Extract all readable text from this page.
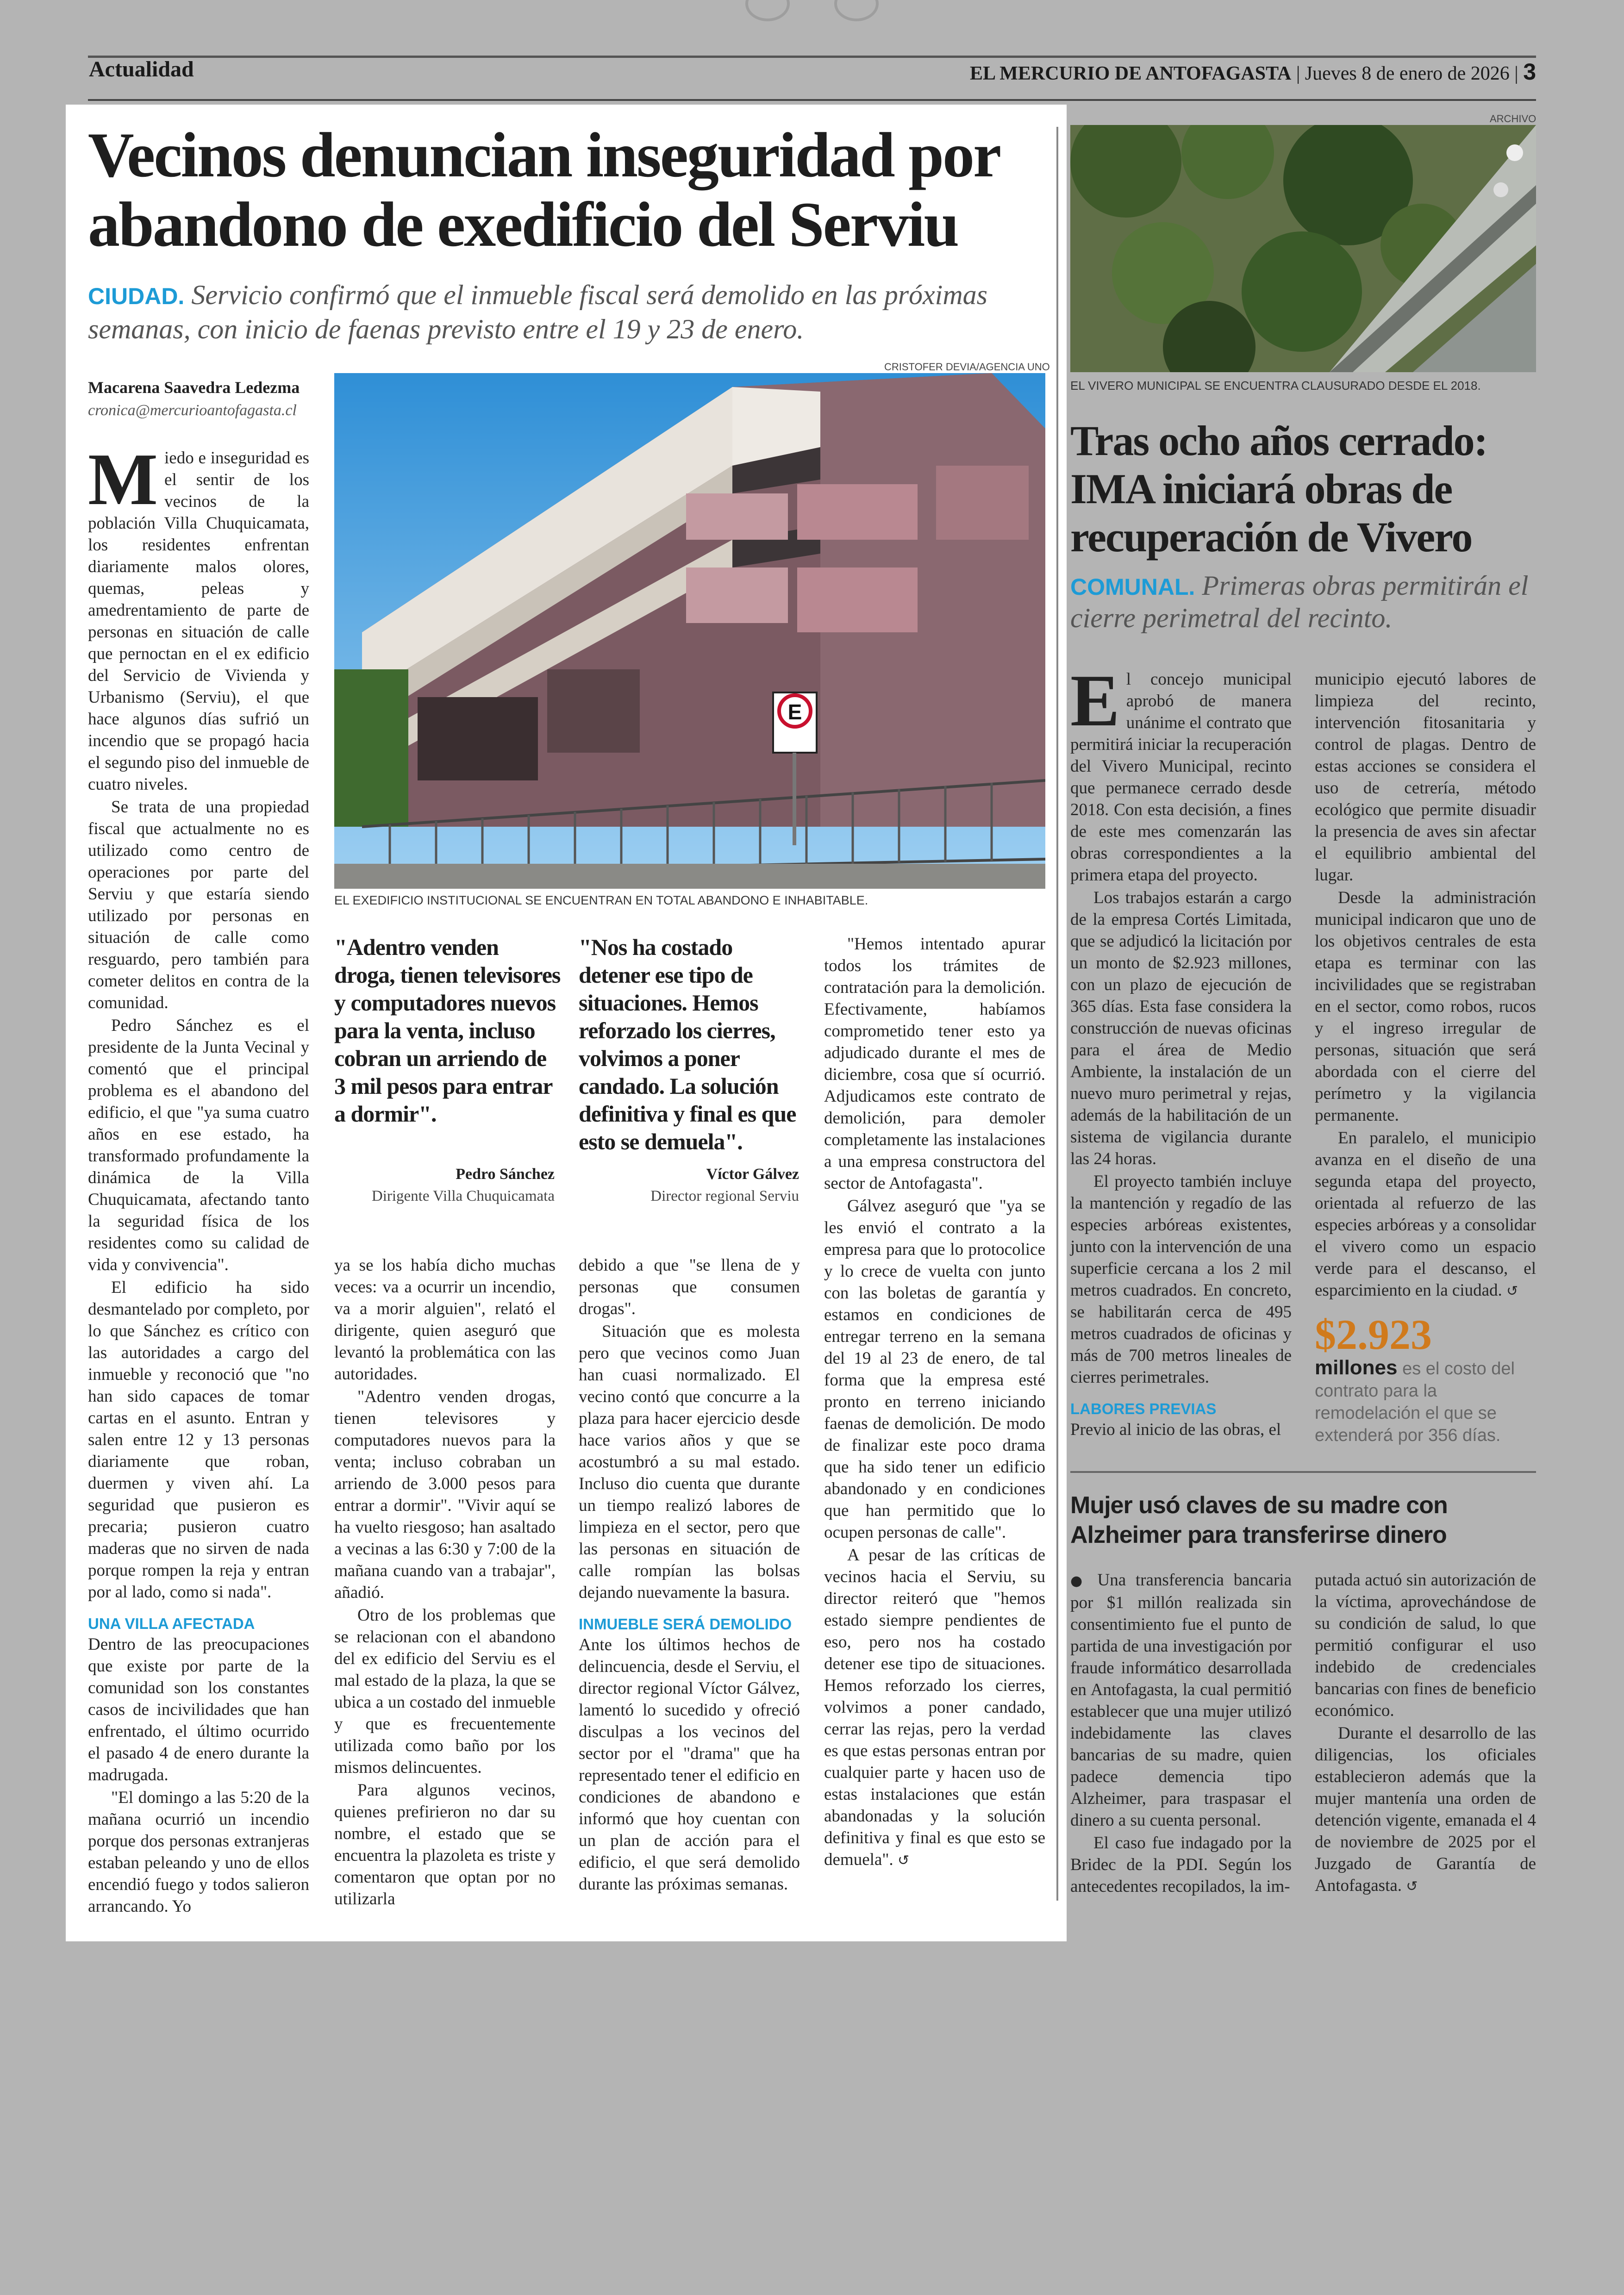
Actualidad	EL MERCURIO DE ANTOFAGASTA | Jueves 8 de enero de 2026 | 3
Vecinos denuncian inseguridad por
abandono de exedificio del Serviu
CIUDAD. Servicio confirmó que el inmueble fiscal será demolido en las próximas semanas, con inicio de faenas previsto entre el 19 y 23 de enero.
CRISTOFER DEVIA/AGENCIA UNO
Macarena Saavedra Ledezma
cronica@mercurioantofagasta.cl
E
EL EXEDIFICIO INSTITUCIONAL SE ENCUENTRAN EN TOTAL ABANDONO E INHABITABLE.

Miedo e inseguridad es el sentir de los vecinos de la población Villa Chuquicamata, los residentes enfrentan diariamente malos olores, quemas, peleas y amedrentamiento de parte de personas en situación de calle que pernoctan en el ex edificio del Servicio de Vivienda y Urbanismo (Serviu), el que hace algunos días sufrió un incendio que se propagó hacia el segundo piso del inmueble de cuatro niveles.

Se trata de una propiedad fiscal que actualmente no es utilizado como centro de operaciones por parte del Serviu y que estaría siendo utilizado por personas en situación de calle como resguardo, pero también para cometer delitos en contra de la comunidad.

Pedro Sánchez es el presidente de la Junta Vecinal y comentó que el principal problema es el abandono del edificio, el que "ya suma cuatro años en ese estado, ha transformado profundamente la dinámica de la Villa Chuquicamata, afectando tanto la seguridad física de los residentes como su calidad de vida y convivencia".

El edificio ha sido desmantelado por completo, por lo que Sánchez es crítico con las autoridades a cargo del inmueble y reconoció que "no han sido capaces de tomar cartas en el asunto. Entran y salen entre 12 y 13 personas diariamente que roban, duermen y viven ahí. La seguridad que pusieron es precaria; pusieron cuatro maderas que no sirven de nada porque rompen la reja y entran por al lado, como si nada".

UNA VILLA AFECTADA

Dentro de las preocupaciones que existe por parte de la comunidad son los constantes casos de incivilidades que han enfrentado, el último ocurrido el pasado 4 de enero durante la madrugada.

"El domingo a las 5:20 de la mañana ocurrió un incendio porque dos personas extranjeras estaban peleando y uno de ellos encendió fuego y todos salieron arrancando. Yo

"Adentro venden droga, tienen televisores y computadores nuevos para la venta, incluso cobran un arriendo de 3 mil pesos para entrar a dormir".
Pedro Sánchez
Dirigente Villa Chuquicamata
"Nos ha costado detener ese tipo de situaciones. Hemos reforzado los cierres, volvimos a poner candado. La solución definitiva y final es que esto se demuela".
Víctor Gálvez
Director regional Serviu

ya se los había dicho muchas veces: va a ocurrir un incendio, va a morir alguien", relató el dirigente, quien aseguró que levantó la problemática con las autoridades.

"Adentro venden drogas, tienen televisores y computadores nuevos para la venta; incluso cobraban un arriendo de 3.000 pesos para entrar a dormir". "Vivir aquí se ha vuelto riesgoso; han asaltado a vecinas a las 6:30 y 7:00 de la mañana cuando van a trabajar", añadió.

Otro de los problemas que se relacionan con el abandono del ex edificio del Serviu es el mal estado de la plaza, la que se ubica a un costado del inmueble y que es frecuentemente utilizada como baño por los mismos delincuentes.

Para algunos vecinos, quienes prefirieron no dar su nombre, el estado que se encuentra la plazoleta es triste y comentaron que optan por no utilizarla

debido a que "se llena de y personas que consumen drogas".

Situación que es molesta pero que vecinos como Juan han cuasi normalizado. El vecino contó que concurre a la plaza para hacer ejercicio desde hace varios años y que se acostumbró a su mal estado. Incluso dio cuenta que durante un tiempo realizó labores de limpieza en el sector, pero que las personas en situación de calle rompían las bolsas dejando nuevamente la basura.

INMUEBLE SERÁ DEMOLIDO

Ante los últimos hechos de delincuencia, desde el Serviu, el director regional Víctor Gálvez, lamentó lo sucedido y ofreció disculpas a los vecinos del sector por el "drama" que ha representado tener el edificio en condiciones de abandono e informó que hoy cuentan con un plan de acción para el edificio, el que será demolido durante las próximas semanas.

"Hemos intentado apurar todos los trámites de contratación para la demolición. Efectivamente, habíamos comprometido tener esto ya adjudicado durante el mes de diciembre, cosa que sí ocurrió. Adjudicamos este contrato de demolición, para demoler completamente las instalaciones a una empresa constructora del sector de Antofagasta".

Gálvez aseguró que "ya se les envió el contrato a la empresa para que lo protocolice y lo crece de vuelta con junto con las boletas de garantía y estamos en condiciones de entregar terreno en la semana del 19 al 23 de enero, de tal forma que la empresa esté pronto en terreno iniciando faenas de demolición. De modo de finalizar este poco drama que ha sido tener un edificio abandonado y en condiciones que han permitido que lo ocupen personas de calle".

A pesar de las críticas de vecinos hacia el Serviu, su director reiteró que "hemos estado siempre pendientes de eso, pero nos ha costado detener ese tipo de situaciones. Hemos reforzado los cierres, volvimos a poner candado, cerrar las rejas, pero la verdad es que estas personas entran por cualquier parte y hacen uso de estas instalaciones que están abandonadas y la solución definitiva y final es que esto se demuela". ↺

ARCHIVO
EL VIVERO MUNICIPAL SE ENCUENTRA CLAUSURADO DESDE EL 2018.
Tras ocho años cerrado: IMA iniciará obras de recuperación de Vivero
COMUNAL. Primeras obras permitirán el cierre perimetral del recinto.

El concejo municipal aprobó de manera unánime el contrato que permitirá iniciar la recuperación del Vivero Municipal, recinto que permanece cerrado desde 2018. Con esta decisión, a fines de este mes comenzarán las obras correspondientes a la primera etapa del proyecto.

Los trabajos estarán a cargo de la empresa Cortés Limitada, que se adjudicó la licitación por un monto de $2.923 millones, con un plazo de ejecución de 365 días. Esta fase considera la construcción de nuevas oficinas para el área de Medio Ambiente, la instalación de un nuevo muro perimetral y rejas, además de la habilitación de un sistema de vigilancia durante las 24 horas.

El proyecto también incluye la mantención y regadío de las especies arbóreas existentes, junto con la intervención de una superficie cercana a los 2 mil metros cuadrados. En concreto, se habilitarán cerca de 495 metros cuadrados de oficinas y más de 700 metros lineales de cierres perimetrales.

LABORES PREVIAS

Previo al inicio de las obras, el

municipio ejecutó labores de limpieza del recinto, intervención fitosanitaria y control de plagas. Dentro de estas acciones se considera el uso de cetrería, método ecológico que permite disuadir la presencia de aves sin afectar el equilibrio ambiental del lugar.

Desde la administración municipal indicaron que uno de los objetivos centrales de esta etapa es terminar con las incivilidades que se registraban en el sector, como robos, rucos y el ingreso irregular de personas, situación que será abordada con el cierre del perímetro y la vigilancia permanente.

En paralelo, el municipio avanza en el diseño de una segunda etapa del proyecto, orientada al refuerzo de las especies arbóreas y a consolidar el vivero como un espacio verde para el descanso, el esparcimiento en la ciudad. ↺

$2.923
millones es el costo del contrato para la remodelación el que se extenderá por 356 días.
Mujer usó claves de su madre con Alzheimer para transferirse dinero

● Una transferencia bancaria por $1 millón realizada sin consentimiento fue el punto de partida de una investigación por fraude informático desarrollada en Antofagasta, la cual permitió establecer que una mujer utilizó indebidamente las claves bancarias de su madre, quien padece demencia tipo Alzheimer, para traspasar el dinero a su cuenta personal.

El caso fue indagado por la Bridec de la PDI. Según los antecedentes recopilados, la im-

putada actuó sin autorización de la víctima, aprovechándose de su condición de salud, lo que permitió configurar el uso indebido de credenciales bancarias con fines de beneficio económico.

Durante el desarrollo de las diligencias, los oficiales establecieron además que la mujer mantenía una orden de detención vigente, emanada el 4 de noviembre de 2025 por el Juzgado de Garantía de Antofagasta. ↺
